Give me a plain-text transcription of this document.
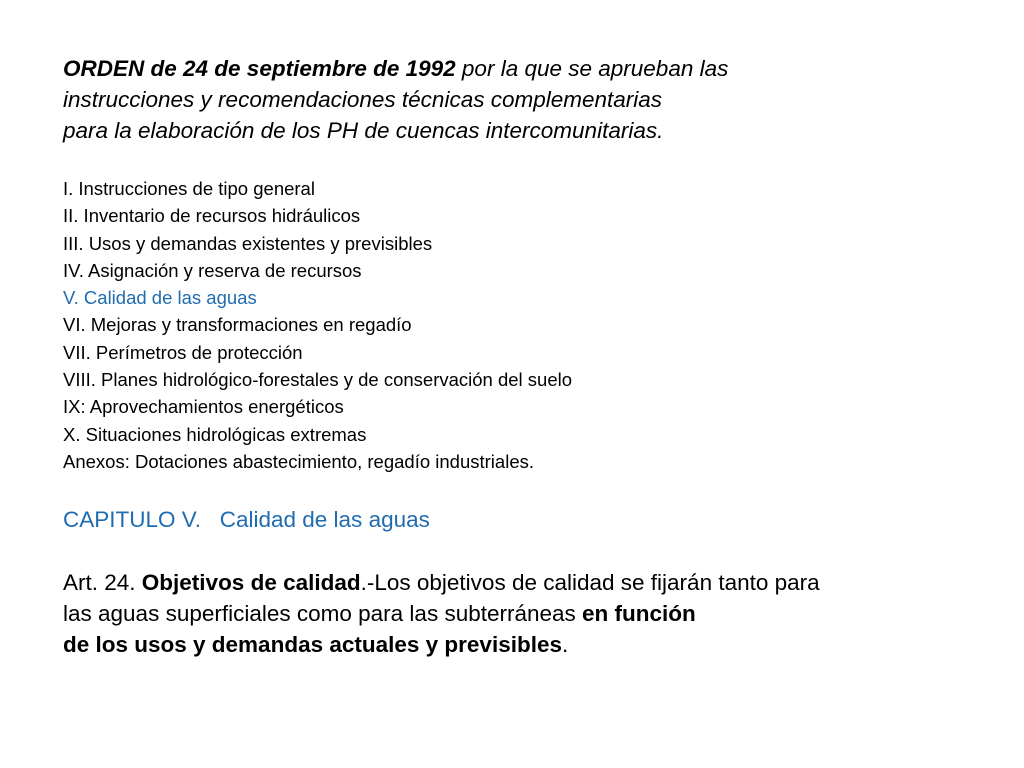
ORDEN de 24 de septiembre de 1992 por la que se aprueban las
instrucciones y recomendaciones técnicas complementarias
para la elaboración de los PH de cuencas intercomunitarias.

I. Instrucciones de tipo general
II. Inventario de recursos hidráulicos
III. Usos y demandas existentes y previsibles
IV. Asignación y reserva de recursos
V. Calidad de las aguas
VI. Mejoras y transformaciones en regadío
VII. Perímetros de protección
VIII. Planes hidrológico-forestales y de conservación del suelo
IX: Aprovechamientos energéticos
X. Situaciones hidrológicas extremas
Anexos: Dotaciones abastecimiento, regadío industriales.

CAPITULO V.   Calidad de las aguas

Art. 24. Objetivos de calidad.-Los objetivos de calidad se fijarán tanto para
las aguas superficiales como para las subterráneas en función
de los usos y demandas actuales y previsibles.
